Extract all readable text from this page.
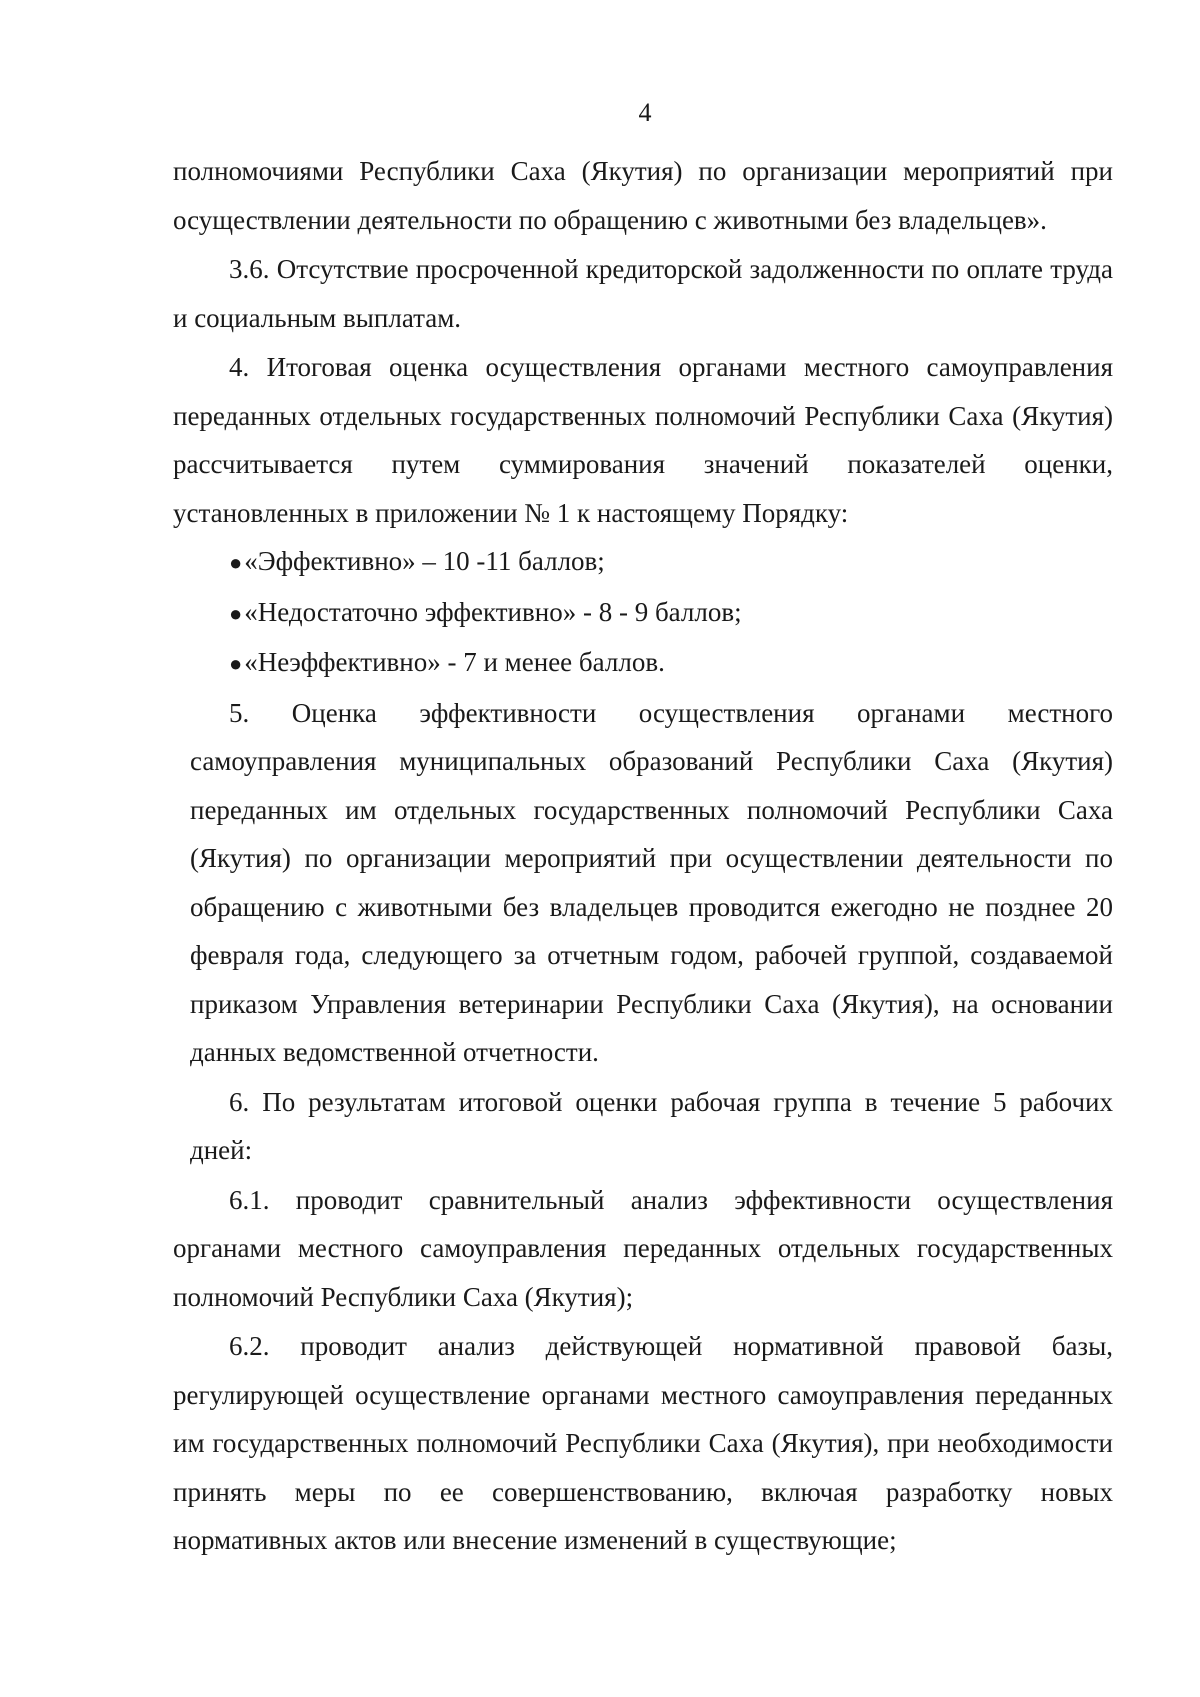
4

полномочиями Республики Саха (Якутия) по организации мероприятий при осуществлении деятельности по обращению с животными без владельцев».

3.6. Отсутствие просроченной кредиторской задолженности по оплате труда и социальным выплатам.

4. Итоговая оценка осуществления органами местного самоуправления переданных отдельных государственных полномочий Республики Саха (Якутия) рассчитывается путем суммирования значений показателей оценки, установленных в приложении № 1 к настоящему Порядку:

●«Эффективно» – 10 -11 баллов;
●«Недостаточно эффективно» - 8 - 9 баллов;
●«Неэффективно» - 7 и менее баллов.

5. Оценка эффективности осуществления органами местного самоуправления муниципальных образований Республики Саха (Якутия) переданных им отдельных государственных полномочий Республики Саха (Якутия) по организации мероприятий при осуществлении деятельности по обращению с животными без владельцев проводится ежегодно не позднее 20 февраля года, следующего за отчетным годом, рабочей группой, создаваемой приказом Управления ветеринарии Республики Саха (Якутия), на основании данных ведомственной отчетности.

6. По результатам итоговой оценки рабочая группа в течение 5 рабочих дней:

6.1. проводит сравнительный анализ эффективности осуществления органами местного самоуправления переданных отдельных государственных полномочий Республики Саха (Якутия);

6.2. проводит анализ действующей нормативной правовой базы, регулирующей осуществление органами местного самоуправления переданных им государственных полномочий Республики Саха (Якутия), при необходимости принять меры по ее совершенствованию, включая разработку новых нормативных актов или внесение изменений в существующие;
